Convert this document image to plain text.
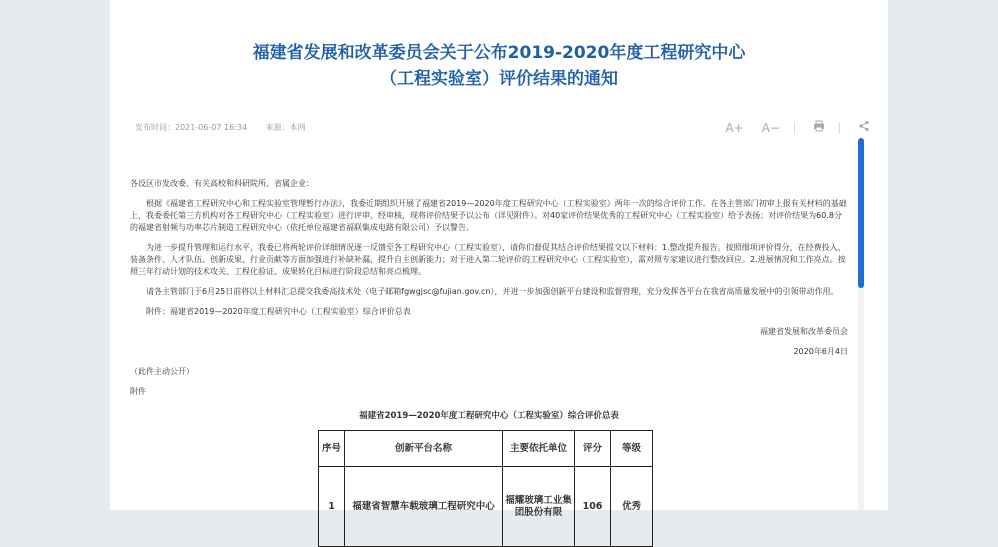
福建省发展和改革委员会关于公布2019-2020年度工程研究中心
（工程实验室）评价结果的通知
发布时间：2021-06-07 16:34 来源：本网	A+ A−

各设区市发改委、有关高校和科研院所、省属企业：

根据《福建省工程研究中心和工程实验室管理暂行办法》，我委近期组织开展了福建省2019—2020年度工程研究中心（工程实验室）两年一次的综合评价工作。在各主管部门初审上报有关材料的基础上，我委委托第三方机构对各工程研究中心（工程实验室）进行评审。经审核，现将评价结果予以公布（详见附件）。对40家评价结果优秀的工程研究中心（工程实验室）给予表扬；对评价结果为60.8分的福建省射频与功率芯片制造工程研究中心（依托单位福建省福联集成电路有限公司）予以警告。

为进一步提升管理和运行水平，我委已将两轮评价详细情况逐一反馈至各工程研究中心（工程实验室），请你们督促其结合评价结果提交以下材料：1.整改提升报告。按照细项评价得分，在经费投入、装备条件、人才队伍、创新成果、行业贡献等方面加强进行补缺补漏，提升自主创新能力；对于进入第二轮评价的工程研究中心（工程实验室），需对照专家建议进行整改回应。2.进展情况和工作亮点。按照三年行动计划的技术攻关、工程化验证、成果转化目标进行阶段总结和亮点梳理。

请各主管部门于6月25日前将以上材料汇总提交我委高技术处（电子邮箱fgwgjsc@fujian.gov.cn），并进一步加强创新平台建设和监督管理，充分发挥各平台在我省高质量发展中的引领带动作用。

附件：福建省2019—2020年度工程研究中心（工程实验室）综合评价总表

福建省发展和改革委员会

2020年6月4日

（此件主动公开）

附件

福建省2019—2020年度工程研究中心（工程实验室）综合评价总表
序号	创新平台名称	主要依托单位	评分	等级
1	福建省智慧车载玻璃工程研究中心	福耀玻璃工业集团股份有限	106	优秀
